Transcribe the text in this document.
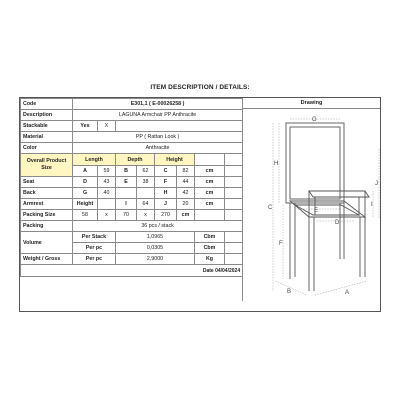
ITEM DESCRIPTION / DETAILS:
Code	E301,1 ( E-00026258 )							
Description	LAGUNA Armchair PP Anthracite							
Stackable	Yes	X						
Material	PP ( Rattan Look )							
Color	Anthracite							
Overall Product Size	Length		Depth		Height			
	A	59	B	62	C	82	cm	
Seat	D	43	E	38	F	44	cm	
Back	G	40			H	42	cm	
Armrest	Height		I	64	J	20	cm	
Packing Size	58	x	70	x	270	cm		
Packing	36 pcs / stack							
Volume	Per Stack		1,0965				Cbm	
	Per pc		0,0305				Cbm	
Weight / Gross	Per pc		2,9000				Kg	
Date 04/04/2024								
Drawing
G
H
C
F
E
D
I
J
B	A
